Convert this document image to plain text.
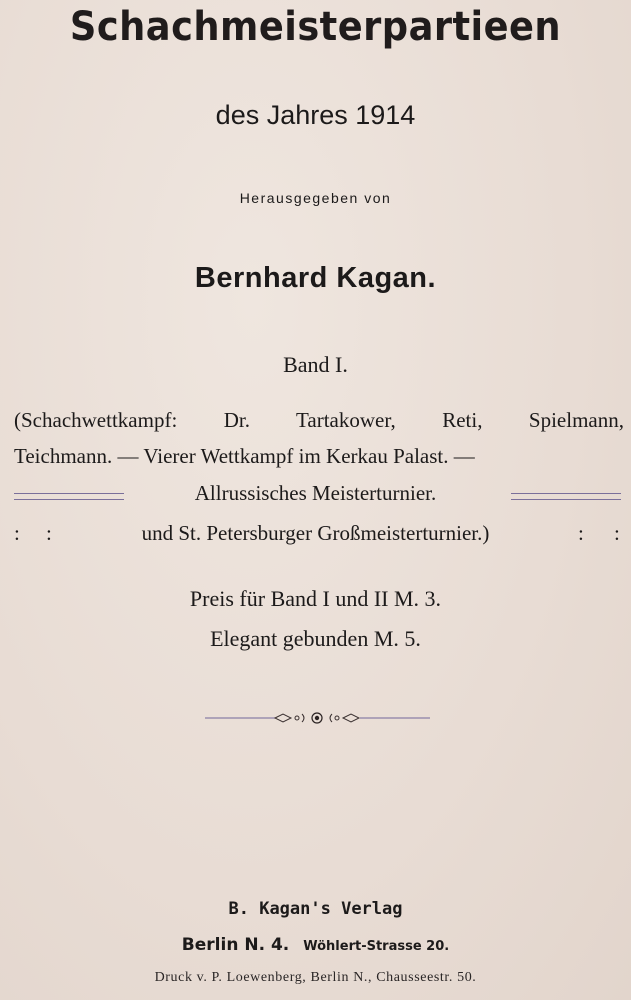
Schachmeisterpartieen
des Jahres 1914
Herausgegeben von
Bernhard Kagan.
Band I.
(Schachwettkampf: Dr. Tartakower, Reti, Spielmann,
Teichmann. — Vierer Wettkampf im Kerkau Palast. —
Allrussisches Meisterturnier.
: :	und St. Petersburger Großmeisterturnier.)	: :
Preis für Band I und II M. 3.
Elegant gebunden M. 5.
B. Kagan's Verlag
Berlin N. 4. Wöhlert-Strasse 20.
Druck v. P. Loewenberg, Berlin N., Chausseestr. 50.
